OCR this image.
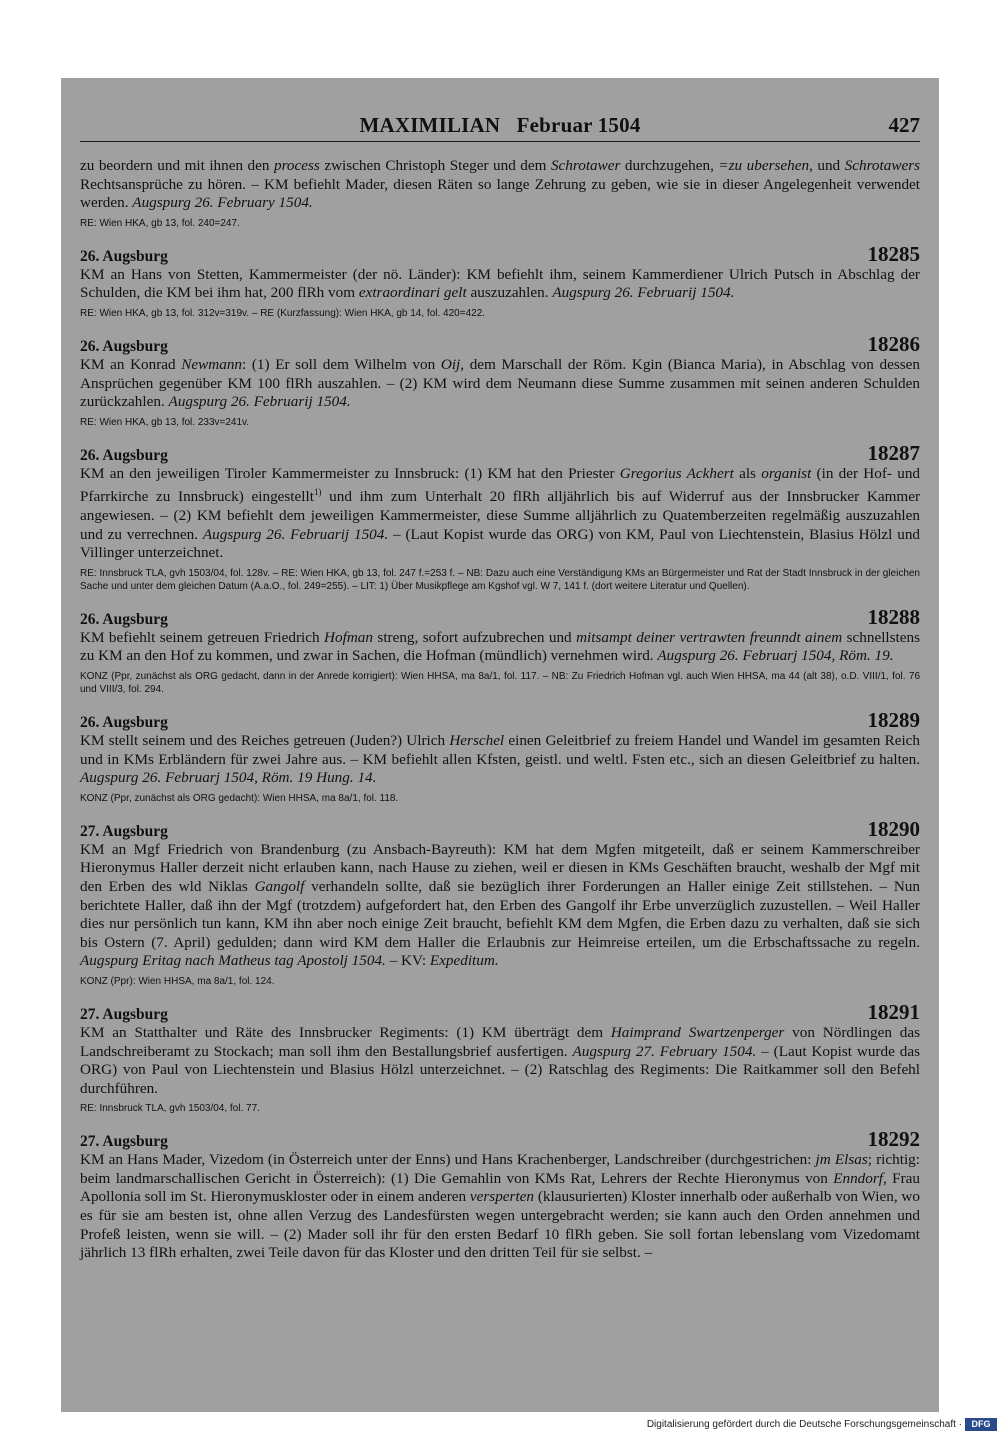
MAXIMILIAN   Februar 1504	427

zu beordern und mit ihnen den process zwischen Christoph Steger und dem Schrotawer durchzugehen, =zu ubersehen, und Schrotawers Rechtsansprüche zu hören. – KM befiehlt Mader, diesen Räten so lange Zehrung zu geben, wie sie in dieser Angelegenheit verwendet werden. Augspurg 26. February 1504.

RE: Wien HKA, gb 13, fol. 240=247.

26. Augsburg	18285

KM an Hans von Stetten, Kammermeister (der nö. Länder): KM befiehlt ihm, seinem Kammerdiener Ulrich Putsch in Abschlag der Schulden, die KM bei ihm hat, 200 flRh vom extraordinari gelt auszuzahlen. Augspurg 26. Februarij 1504.

RE: Wien HKA, gb 13, fol. 312v=319v. – RE (Kurzfassung): Wien HKA, gb 14, fol. 420=422.

26. Augsburg	18286

KM an Konrad Newmann: (1) Er soll dem Wilhelm von Oij, dem Marschall der Röm. Kgin (Bianca Maria), in Abschlag von dessen Ansprüchen gegenüber KM 100 flRh auszahlen. – (2) KM wird dem Neumann diese Summe zusammen mit seinen anderen Schulden zurückzahlen. Augspurg 26. Februarij 1504.

RE: Wien HKA, gb 13, fol. 233v=241v.

26. Augsburg	18287

KM an den jeweiligen Tiroler Kammermeister zu Innsbruck: (1) KM hat den Priester Gregorius Ackhert als organist (in der Hof- und Pfarrkirche zu Innsbruck) eingestellt$^{1)}$ und ihm zum Unterhalt 20 flRh alljährlich bis auf Widerruf aus der Innsbrucker Kammer angewiesen. – (2) KM befiehlt dem jeweiligen Kammermeister, diese Summe alljährlich zu Quatemberzeiten regelmäßig auszuzahlen und zu verrechnen. Augspurg 26. Februarij 1504. – (Laut Kopist wurde das ORG) von KM, Paul von Liechtenstein, Blasius Hölzl und Villinger unterzeichnet.

RE: Innsbruck TLA, gvh 1503/04, fol. 128v. – RE: Wien HKA, gb 13, fol. 247 f.=253 f. – NB: Dazu auch eine Verständigung KMs an Bürgermeister und Rat der Stadt Innsbruck in der gleichen Sache und unter dem gleichen Datum (A.a.O., fol. 249=255). – LIT: 1) Über Musikpflege am Kgshof vgl. W 7, 141 f. (dort weitere Literatur und Quellen).

26. Augsburg	18288

KM befiehlt seinem getreuen Friedrich Hofman streng, sofort aufzubrechen und mitsampt deiner vertrawten freunndt ainem schnellstens zu KM an den Hof zu kommen, und zwar in Sachen, die Hofman (mündlich) vernehmen wird. Augspurg 26. Februarj 1504, Röm. 19.

KONZ (Ppr, zunächst als ORG gedacht, dann in der Anrede korrigiert): Wien HHSA, ma 8a/1, fol. 117. – NB: Zu Friedrich Hofman vgl. auch Wien HHSA, ma 44 (alt 38), o.D. VIII/1, fol. 76 und VIII/3, fol. 294.

26. Augsburg	18289

KM stellt seinem und des Reiches getreuen (Juden?) Ulrich Herschel einen Geleitbrief zu freiem Handel und Wandel im gesamten Reich und in KMs Erbländern für zwei Jahre aus. – KM befiehlt allen Kfsten, geistl. und weltl. Fsten etc., sich an diesen Geleitbrief zu halten. Augspurg 26. Februarj 1504, Röm. 19 Hung. 14.

KONZ (Ppr, zunächst als ORG gedacht): Wien HHSA, ma 8a/1, fol. 118.

27. Augsburg	18290

KM an Mgf Friedrich von Brandenburg (zu Ansbach-Bayreuth): KM hat dem Mgfen mitgeteilt, daß er seinem Kammerschreiber Hieronymus Haller derzeit nicht erlauben kann, nach Hause zu ziehen, weil er diesen in KMs Geschäften braucht, weshalb der Mgf mit den Erben des wld Niklas Gangolf verhandeln sollte, daß sie bezüglich ihrer Forderungen an Haller einige Zeit stillstehen. – Nun berichtete Haller, daß ihn der Mgf (trotzdem) aufgefordert hat, den Erben des Gangolf ihr Erbe unverzüglich zuzustellen. – Weil Haller dies nur persönlich tun kann, KM ihn aber noch einige Zeit braucht, befiehlt KM dem Mgfen, die Erben dazu zu verhalten, daß sie sich bis Ostern (7. April) gedulden; dann wird KM dem Haller die Erlaubnis zur Heimreise erteilen, um die Erbschaftssache zu regeln. Augspurg Eritag nach Matheus tag Apostolj 1504. – KV: Expeditum.

KONZ (Ppr): Wien HHSA, ma 8a/1, fol. 124.

27. Augsburg	18291

KM an Statthalter und Räte des Innsbrucker Regiments: (1) KM überträgt dem Haimprand Swartzenperger von Nördlingen das Landschreiberamt zu Stockach; man soll ihm den Bestallungsbrief ausfertigen. Augspurg 27. February 1504. – (Laut Kopist wurde das ORG) von Paul von Liechtenstein und Blasius Hölzl unterzeichnet. – (2) Ratschlag des Regiments: Die Raitkammer soll den Befehl durchführen.

RE: Innsbruck TLA, gvh 1503/04, fol. 77.

27. Augsburg	18292

KM an Hans Mader, Vizedom (in Österreich unter der Enns) und Hans Krachenberger, Landschreiber (durchgestrichen: jm Elsas; richtig: beim landmarschallischen Gericht in Österreich): (1) Die Gemahlin von KMs Rat, Lehrers der Rechte Hieronymus von Enndorf, Frau Apollonia soll im St. Hieronymuskloster oder in einem anderen versperten (klausurierten) Kloster innerhalb oder außerhalb von Wien, wo es für sie am besten ist, ohne allen Verzug des Landesfürsten wegen untergebracht werden; sie kann auch den Orden annehmen und Profeß leisten, wenn sie will. – (2) Mader soll ihr für den ersten Bedarf 10 flRh geben. Sie soll fortan lebenslang vom Vizedomamt jährlich 13 flRh erhalten, zwei Teile davon für das Kloster und den dritten Teil für sie selbst. –

Digitalisierung gefördert durch die Deutsche Forschungsgemeinschaft ·	DFG
